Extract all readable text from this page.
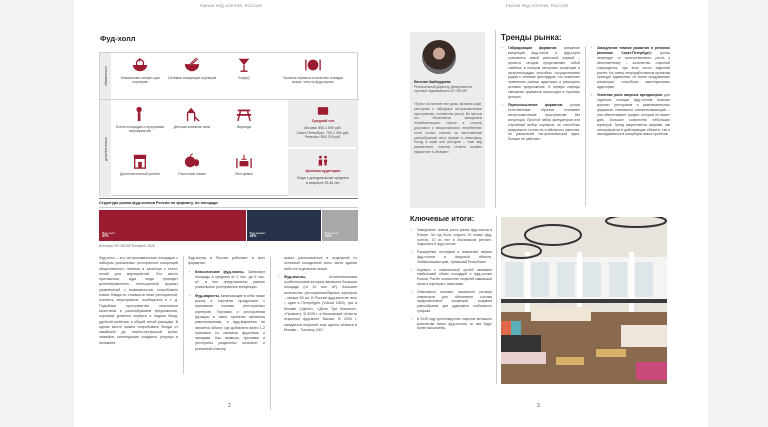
РЫНОК ФУД-ХОЛЛОВ. РОССИЯ
Фуд-холл
обязательно
дополнительно
Уникальные концеп-ции корнеров
Сетевые концепции корнеров	Бар(ы)	Уровень сервиса и качество посадки выше, чем на фуд-кортах
Event-площадка и программа мероприятий
Детская комната/ зона	Веранда
Дополнительный ритейл	Рыночные лавки	Рестораны
Средний чек
Москва: 800-1 500 руб.
Санкт-Петербург: 700-1 000 руб.
Регионы: 500-700 руб.
Целевая аудитория
Люди с доходом выше среднего
в возрасте 25-45 лет
Структура рынка фуд-холлов России по формату, по площади
Фуд-холл
57%
Фуд-маркет
29%
Фуд-молл
14%
Источник: NF GROUP Research, 2026
Фуд-холл – это гастрономическая площадка с набором уникальных ресторанных концепций общественного питания и зачастую с event-зоной для мероприятий. Это место притяжения, куда люди приходят целенаправленно, полноценный формат развлечений с возможностью попробовать новые блюда по стоимости ниже ресторанной, посетить мероприятие, пообщаться и т. д. Подобные пространства отличаются качеством и разнообразием предложения, хорошим уровнем сервиса и подачи блюд, удобной мебелью и общей зоной рассадки. В одном месте можно попробовать блюда от гавайской до чечено-ингушской кухни, чизкейки, сингапурские сэндвичи, устрицы и пельмени.
Фуд-холлы в России работают в трех форматах:
› Классические фуд-холлы. Занимают площадь в среднем от 1 тыс. до 5 тыс. м², в них представлены разные уникальные ресторанные концепции.
› Фуд-маркеты, включающие в себя также рынок и торговлю продуктами с прилавков помимо ресторанных корнеров. Торговая и ресторанная функции в таких проектах являются равнозначными, и фуд-маркетом не является объект, где добавлено всего 1-2 прилавка со свежими фруктами и овощами. Как правило, прилавки и рестораны разделены зонально и рыночный кластер
может располагаться в отдельной от основной посадочной зоны части здания либо на отдельном этаже.
› Фуд-моллы,	отличительными особенностями которых являются большая площадь (от 10 тыс. м²), большее количество ресторанных/барных корнеров – свыше 50 шт. В России фуд-моллов пять – один в Петербурге (Vokzal 1853), три в Москве («Депо», «Депо Три Вокзала», «Привоз»). В 2025 г. в Московской области открылся фуд-молл Bazaar. В 2026 г. ожидается открытие еще одного объекта в Москве – Tverskoy 24/7.
2
РЫНОК ФУД-ХОЛЛОВ. РОССИЯ
Евгения Хакбердиева
Региональный директор Департамента торговой недвижимости NF GROUP
«Траты на питание вне дома, включая кафе, рестораны и гибридные гастрономические пространства, постепенно растут. Во многом это объясняется смещением потребительского спроса в сторону досугового и эмоционального потребления: гости готовы платить за качественный разнообразный опыт, формат и атмосферу. Поход в кафе или ресторан – тоже вид развлечения, поэтому сегмент активно прирастает в объемах».
Тренды рынка:
› Гибридизация форматов: смешение концепций фуд-холла и фуд-корта становится новой рыночной нормой – проекты сегодня представляют собой симбиоз, в котором авторские концепции и гастроплощадки способны сосуществовать рядом с сетевым фастфудом, что позволяет привлекать разные аудитории и расширить ценовое предложение. В первую очередь смешение форматов происходит в торговых центрах.
› Переосмысление форматов: рынок естественным образом отсеивает гастрономические пространства без концепции. Простой набор арендаторов или случайный выбор корнеров, не способных предложить гостям ни стабильного качества, ни уникальной гастрономической идеи, больше не работает.
› Замедление темпов развития в регионах (включая Санкт-Петербург):	рынок переходит от количественного роста к качественному – количество открытий сокращается, при этом число закрытий растет. На смену непроработанным проектам приходят единичные, но более продуманные концепции, способные заинтересовать аудиторию.
› Усиление роли якорных арендаторов: для отдельно стоящих фуд-холлов наличие крупных ресторанов и развлекательных форматов становится основополагающим – они обеспечивают трафик, который не может дать большое количество небольших корнеров. Тренд закрепляется якорями, как интегрируются в действующие объекты, так и закладываются в концепции новых проектов.
Ключевые итоги:
› Замедление темпов роста рынка фуд-холлов в России. За год было открыто 20 новых фуд-холлов, 10 из них в Московском регионе. Закрылось 8 фуд-холлов.
› Расширение географии и появление первых фуд-холлов в Амурской области, Забайкальском крае, Чувашской Республике.
› Корнеры с паназиатской кухней занимают наибольший объем площадей в фуд-холлах России. Растет количество открытий кавказской кухни и корнеров с напитками.
› Отмечаются высокие показатели ротации операторов для обновления состава представленных концепций, создания разнообразия для удержания стабильного трафика.
› В 2026 году прогнозируется открытие меньшего количества новых фуд-холлов, но они будут более масштабны.
3
